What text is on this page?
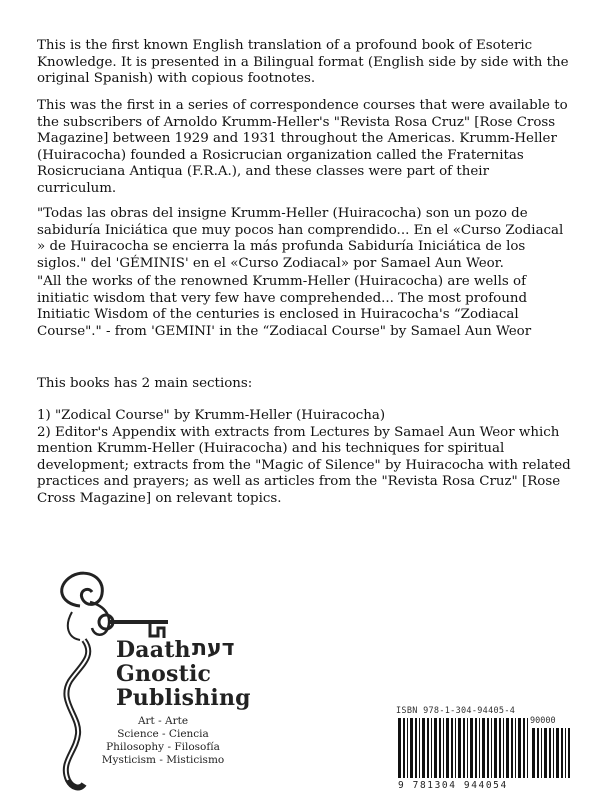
This is the first known English translation of a profound book of Esoteric Knowledge. It is presented in a Bilingual format (English side by side with the original Spanish) with copious footnotes.

This was the first in a series of correspondence courses that were available to the subscribers of Arnoldo Krumm-Heller's "Revista Rosa Cruz" [Rose Cross Magazine] between 1929 and 1931 throughout the Americas. Krumm-Heller (Huiracocha) founded a Rosicrucian organization called the Fraternitas Rosicruciana Antiqua (F.R.A.), and these classes were part of their curriculum.

"Todas las obras del insigne Krumm-Heller (Huiracocha) son un pozo de sabiduría Iniciática que muy pocos han comprendido... En el «Curso Zodiacal » de Huiracocha se encierra la más profunda Sabiduría Iniciática de los siglos." del 'GÉMINIS' en el «Curso Zodiacal» por Samael Aun Weor.

"All the works of the renowned Krumm-Heller (Huiracocha) are wells of initiatic wisdom that very few have comprehended... The most profound Initiatic Wisdom of the centuries is enclosed in Huiracocha's “Zodiacal Course"." - from 'GEMINI' in the “Zodiacal Course" by Samael Aun Weor

This books has 2 main sections:

1) "Zodical Course" by Krumm-Heller (Huiracocha)
2) Editor's Appendix with extracts from Lectures by Samael Aun Weor which mention Krumm-Heller (Huiracocha) and his techniques for spiritual development; extracts from the "Magic of Silence" by Huiracocha with related practices and prayers; as well as articles from the "Revista Rosa Cruz" [Rose Cross Magazine] on relevant topics.
דעת
Daath
Gnostic
Publishing
Art - Arte
Science - Ciencia
Philosophy - Filosofía
Mysticism - Misticismo
ISBN 978-1-304-94405-4
90000
9 781304 944054
